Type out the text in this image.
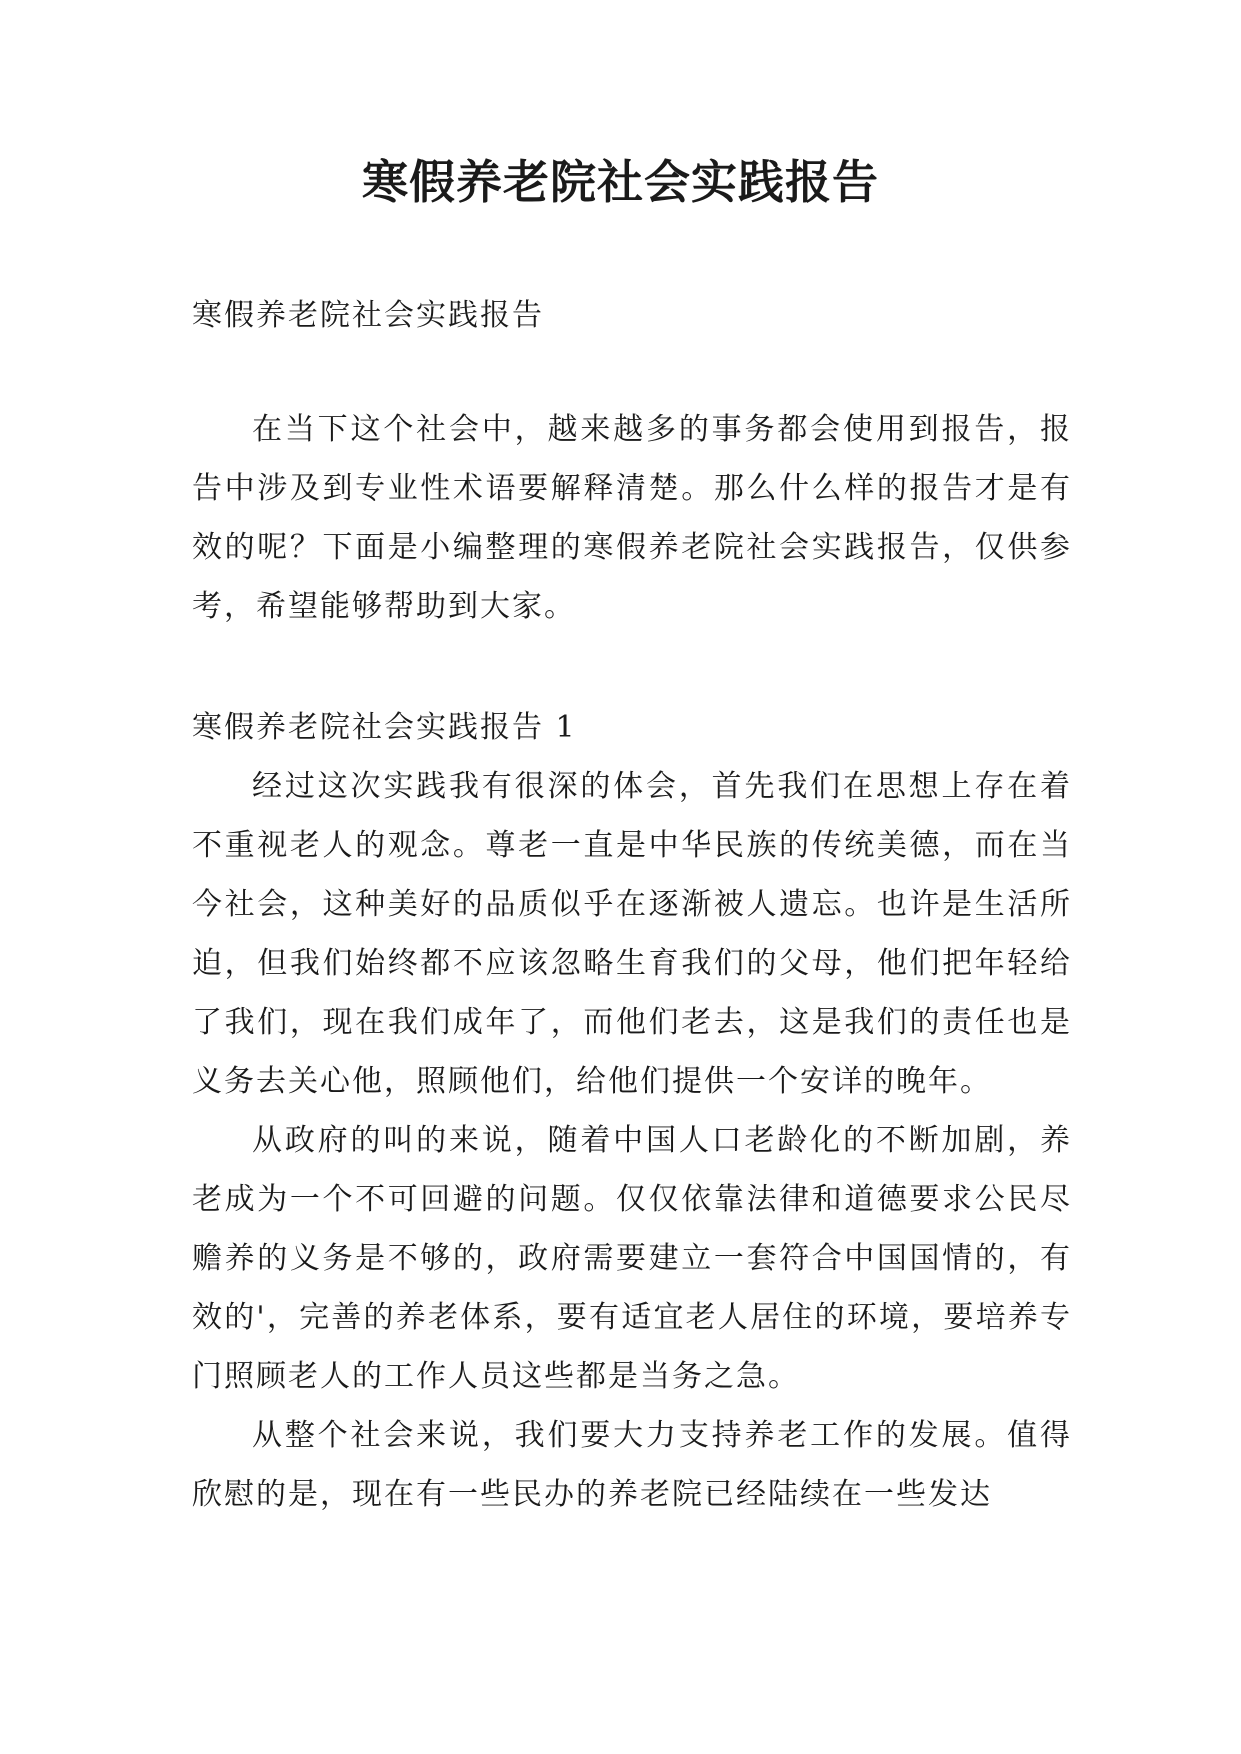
寒假养老院社会实践报告
寒假养老院社会实践报告

在当下这个社会中，越来越多的事务都会使用到报告，报告中涉及到专业性术语要解释清楚。那么什么样的报告才是有效的呢？下面是小编整理的寒假养老院社会实践报告，仅供参考，希望能够帮助到大家。

寒假养老院社会实践报告 1

经过这次实践我有很深的体会，首先我们在思想上存在着不重视老人的观念。尊老一直是中华民族的传统美德，而在当今社会，这种美好的品质似乎在逐渐被人遗忘。也许是生活所迫，但我们始终都不应该忽略生育我们的父母，他们把年轻给了我们，现在我们成年了，而他们老去，这是我们的责任也是义务去关心他，照顾他们，给他们提供一个安详的晚年。

从政府的叫的来说，随着中国人口老龄化的不断加剧，养老成为一个不可回避的问题。仅仅依靠法律和道德要求公民尽赡养的义务是不够的，政府需要建立一套符合中国国情的，有效的'，完善的养老体系，要有适宜老人居住的环境，要培养专门照顾老人的工作人员这些都是当务之急。

从整个社会来说，我们要大力支持养老工作的发展。值得欣慰的是，现在有一些民办的养老院已经陆续在一些发达
